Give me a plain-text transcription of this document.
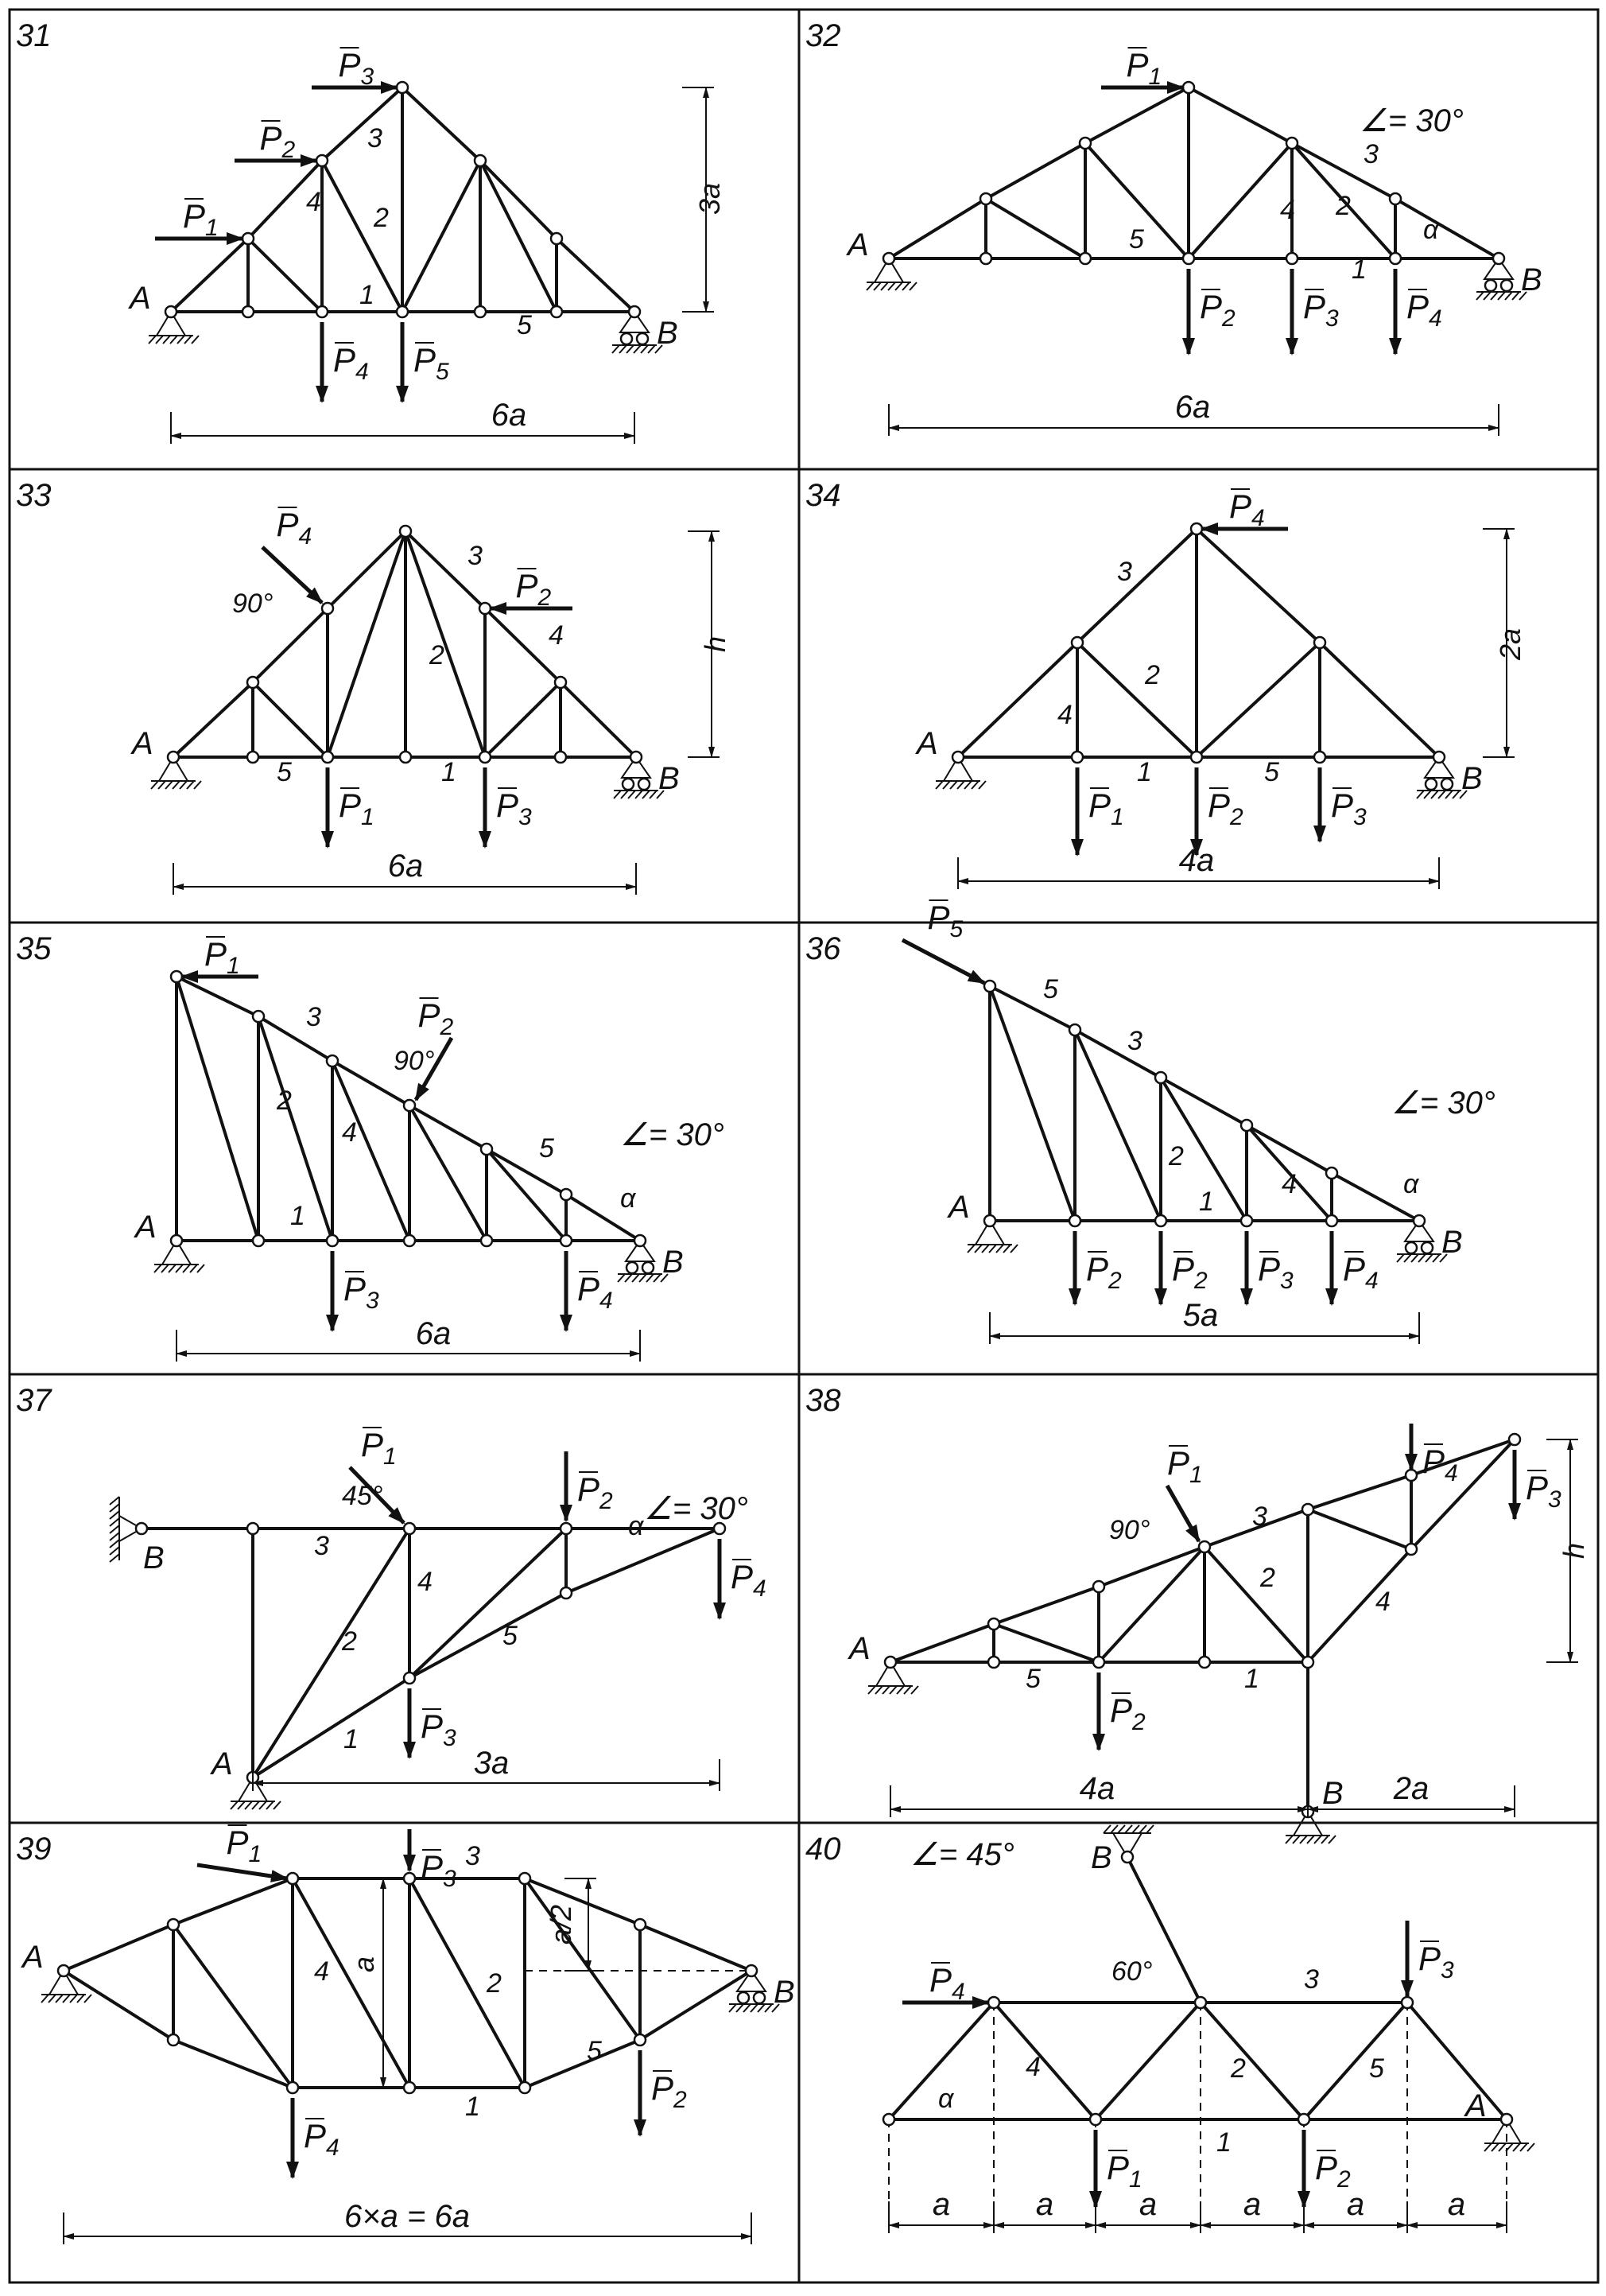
31
A
B
$P_1$
$P_2$
$P_3$
$P_4$ $P_5$
1
2
3
4
5
6a
3a
32
A
B
$P_1$
$P_2$ $P_3$ $P_4$
1
2
3
4
5
6a
α
∠= 30°
33
A
B
$P_4$
$P_2$
$P_1$	$P_3$
1
2
3
4
5
6a
h
90°
34
A
B
$P_4$
$P_1$	$P_2$	$P_3$
1
2
3
4
5
4a
2a
35
A
B
$P_1$
$P_2$
$P_3$	$P_4$
1
2
3
4
5
6a
90°
α
∠= 30°
36
A
B
$P_5$
$P_2$ $P_2$ $P_3$ $P_4$
1
2
3
4
5
5a
α
∠= 30°
37
A
B
$P_1$
$P_2$
$P_4$
$P_3$
1
2
3
4
5
3a
45°
α ∠= 30°
38
A
B
$P_1$	$P_4$ $P_3$
$P_2$
1
2
3
4
5
4a	2a
h
90°
39
A
B
$P_1$	$P_3$
$P_4$
$P_2$
1
2
3
4
5
6×a = 6a
a
a/2
40
A
B
$P_4$
$P_3$
$P_1$	$P_2$
1
2
3
4	5
a	a	a	a	a	a
α
60°
∠= 45°
